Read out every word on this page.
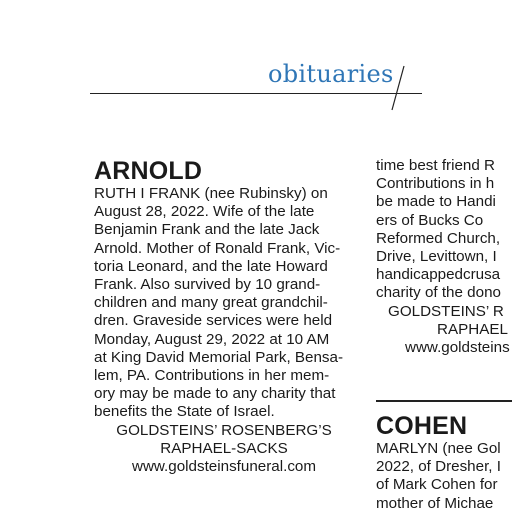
obituaries
ARNOLD
RUTH I FRANK (nee Rubinsky) on
August 28, 2022. Wife of the late
Benjamin Frank and the late Jack
Arnold. Mother of Ronald Frank, Vic-
toria Leonard, and the late Howard
Frank. Also survived by 10 grand-
children and many great grandchil-
dren. Graveside services were held
Monday, August 29, 2022 at 10 AM
at King David Memorial Park, Bensa-
lem, PA. Contributions in her mem-
ory may be made to any charity that
benefits the State of Israel.
GOLDSTEINS’ ROSENBERG’S
RAPHAEL-SACKS
www.goldsteinsfuneral.com
time best friend R
Contributions in h
be made to Handi
ers of Bucks Co
Reformed Church,
Drive, Levittown, I
handicappedcrusa
charity of the dono
GOLDSTEINS’ R
RAPHAEL
www.goldsteins
COHEN
MARLYN (nee Gol
2022, of Dresher, I
of Mark Cohen for
mother of Michae
